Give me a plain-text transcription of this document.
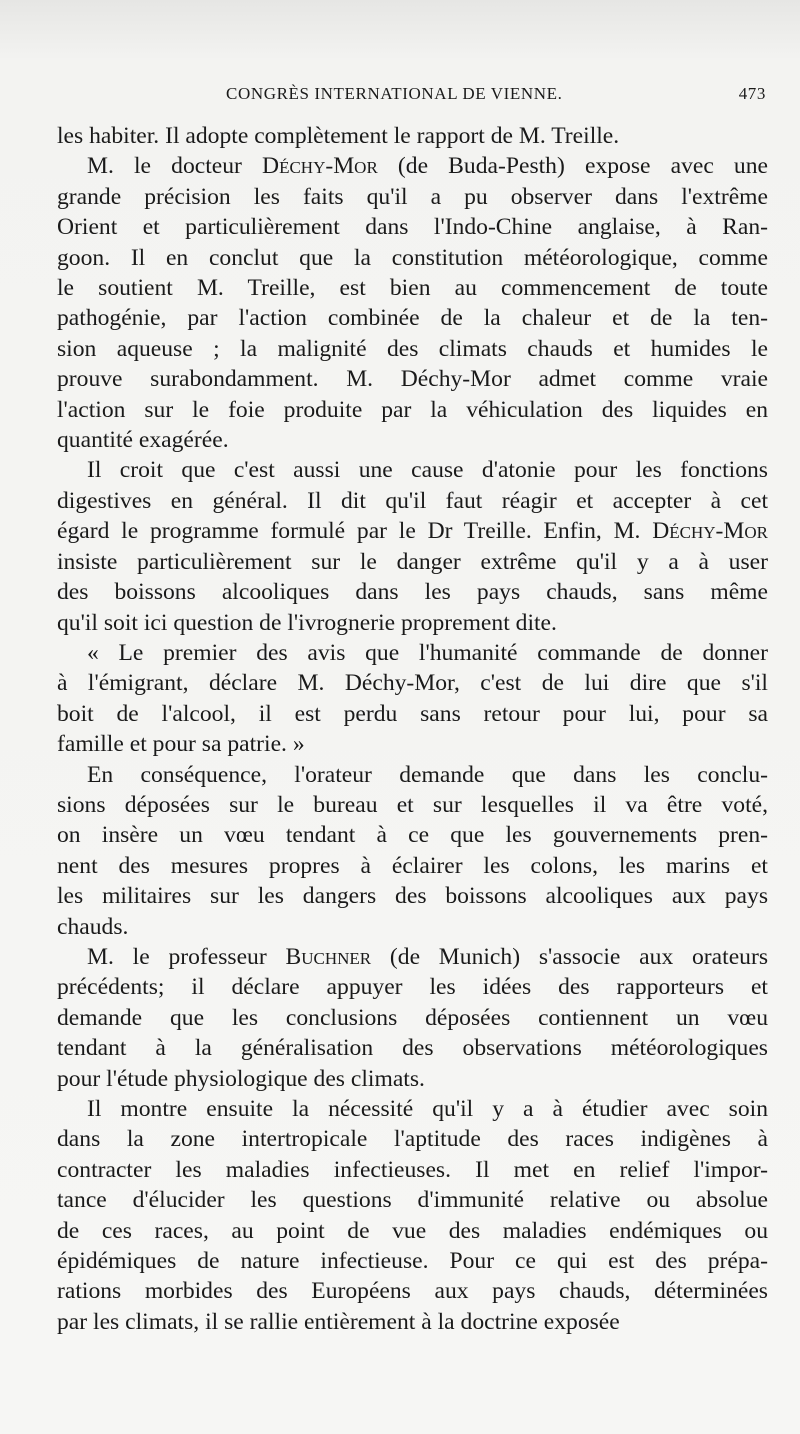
CONGRÈS INTERNATIONAL DE VIENNE.	473
les habiter. Il adopte complètement le rapport de M. Treille.
M. le docteur Déchy-Mor (de Buda-Pesth) expose avec une
grande précision les faits qu'il a pu observer dans l'extrême
Orient et particulièrement dans l'Indo-Chine anglaise, à Ran-
goon. Il en conclut que la constitution météorologique, comme
le soutient M. Treille, est bien au commencement de toute
pathogénie, par l'action combinée de la chaleur et de la ten-
sion aqueuse ; la malignité des climats chauds et humides le
prouve surabondamment. M. Déchy-Mor admet comme vraie
l'action sur le foie produite par la véhiculation des liquides en
quantité exagérée.
Il croit que c'est aussi une cause d'atonie pour les fonctions
digestives en général. Il dit qu'il faut réagir et accepter à cet
égard le programme formulé par le Dr Treille. Enfin, M. Déchy-Mor
insiste particulièrement sur le danger extrême qu'il y a à user
des boissons alcooliques dans les pays chauds, sans même
qu'il soit ici question de l'ivrognerie proprement dite.
« Le premier des avis que l'humanité commande de donner
à l'émigrant, déclare M. Déchy-Mor, c'est de lui dire que s'il
boit de l'alcool, il est perdu sans retour pour lui, pour sa
famille et pour sa patrie. »
En conséquence, l'orateur demande que dans les conclu-
sions déposées sur le bureau et sur lesquelles il va être voté,
on insère un vœu tendant à ce que les gouvernements pren-
nent des mesures propres à éclairer les colons, les marins et
les militaires sur les dangers des boissons alcooliques aux pays
chauds.
M. le professeur Buchner (de Munich) s'associe aux orateurs
précédents; il déclare appuyer les idées des rapporteurs et
demande que les conclusions déposées contiennent un vœu
tendant à la généralisation des observations météorologiques
pour l'étude physiologique des climats.
Il montre ensuite la nécessité qu'il y a à étudier avec soin
dans la zone intertropicale l'aptitude des races indigènes à
contracter les maladies infectieuses. Il met en relief l'impor-
tance d'élucider les questions d'immunité relative ou absolue
de ces races, au point de vue des maladies endémiques ou
épidémiques de nature infectieuse. Pour ce qui est des prépa-
rations morbides des Européens aux pays chauds, déterminées
par les climats, il se rallie entièrement à la doctrine exposée
